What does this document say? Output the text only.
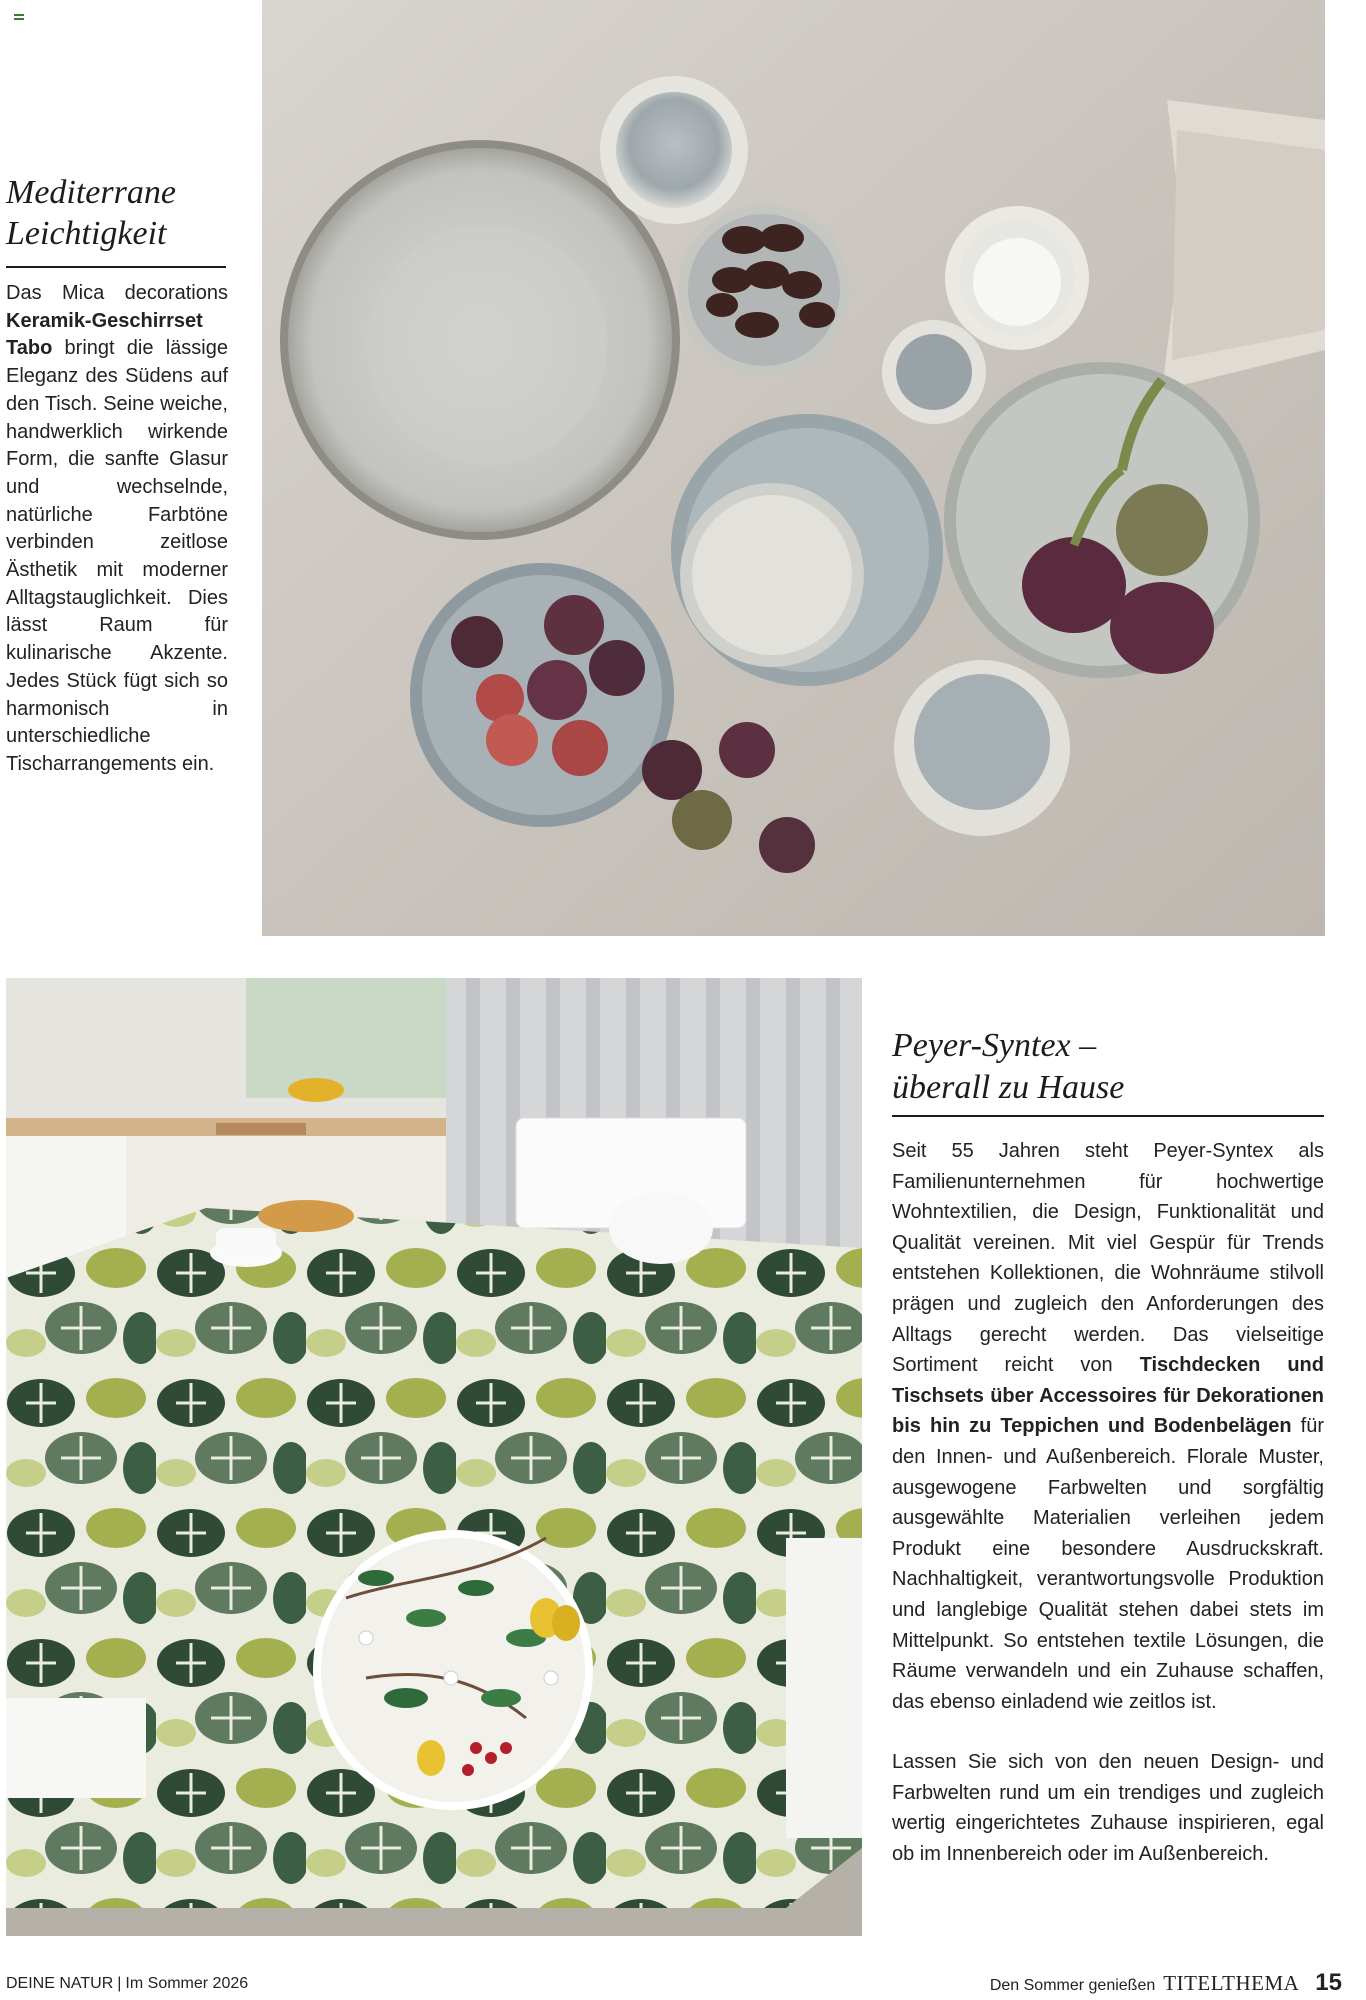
Mediterrane
Leichtigkeit
Das Mica decorations Keramik-Geschirrset Tabo bringt die lässige Eleganz des Südens auf den Tisch. Seine weiche, handwerklich wirkende Form, die sanfte Glasur und wechselnde, natürliche Farbtöne verbinden zeitlose Ästhetik mit moderner Alltagstauglichkeit. Dies lässt Raum für kulinarische Akzente. Jedes Stück fügt sich so harmonisch in unterschiedliche Tischarrangements ein.
Peyer-Syntex –
überall zu Hause

Seit 55 Jahren steht Peyer-Syntex als Familienunternehmen für hochwertige Wohntextilien, die Design, Funktionalität und Qualität vereinen. Mit viel Gespür für Trends entstehen Kollektionen, die Wohnräume stilvoll prägen und zugleich den Anforderungen des Alltags gerecht werden. Das vielseitige Sortiment reicht von Tischdecken und Tischsets über Accessoires für Dekorationen bis hin zu Teppichen und Bodenbelägen für den Innen- und Außenbereich. Florale Muster, ausgewogene Farbwelten und sorgfältig ausgewählte Materialien verleihen jedem Produkt eine besondere Ausdruckskraft. Nachhaltigkeit, verantwortungsvolle Produktion und langlebige Qualität stehen dabei stets im Mittelpunkt. So entstehen textile Lösungen, die Räume verwandeln und ein Zuhause schaffen, das ebenso einladend wie zeitlos ist.

Lassen Sie sich von den neuen Design- und Farbwelten rund um ein trendiges und zugleich wertig eingerichtetes Zuhause inspirieren, egal ob im Innenbereich oder im Außenbereich.

DEINE NATUR | Im Sommer 2026	Den Sommer genießen TITELTHEMA 15
